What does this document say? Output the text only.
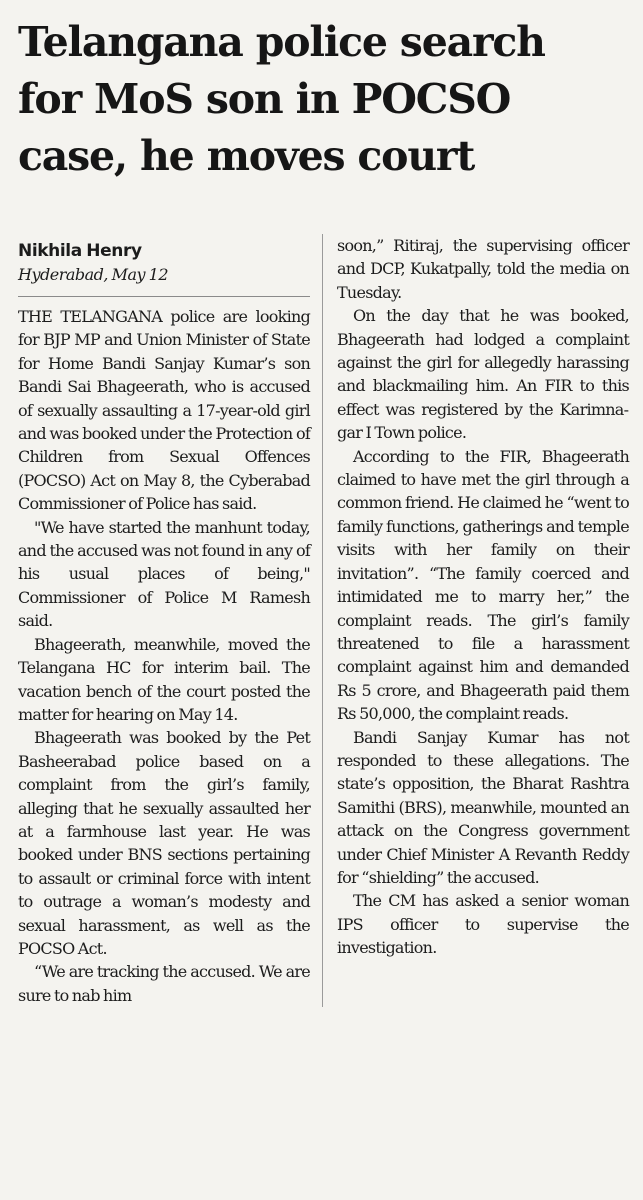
Telangana police search
for MoS son in POCSO
case, he moves court
Nikhila Henry
Hyderabad, May 12

THE TELANGANA police are looking for BJP MP and Union Minister of State for Home Bandi Sanjay Kumar’s son Bandi Sai Bhageerath, who is accused of sexually assaulting a 17-year-old girl and was booked under the Protection of Children from Sexual Offences (POCSO) Act on May 8, the Cyberabad Commissioner of Police has said.

"We have started the manhunt today, and the accused was not found in any of his usual places of being," Commissioner of Police M Ramesh said.

Bhageerath, meanwhile, moved the Telangana HC for interim bail. The vacation bench of the court posted the matter for hearing on May 14.

Bhageerath was booked by the Pet Basheerabad police based on a complaint from the girl’s family, alleging that he sexually assaulted her at a farmhouse last year. He was booked under BNS sections pertaining to assault or criminal force with intent to outrage a woman’s modesty and sexual harassment, as well as the POCSO Act.

“We are tracking the accused. We are sure to nab him

soon,” Ritiraj, the supervising officer and DCP, Kukatpally, told the media on Tuesday.

On the day that he was booked, Bhageerath had lodged a complaint against the girl for allegedly harassing and blackmailing him. An FIR to this effect was registered by the Karimnagar I Town police.

According to the FIR, Bhageerath claimed to have met the girl through a common friend. He claimed he “went to family functions, gatherings and temple visits with her family on their invitation”. “The family coerced and intimidated me to marry her,” the complaint reads. The girl’s family threatened to file a harassment complaint against him and demanded Rs 5 crore, and Bhageerath paid them Rs 50,000, the complaint reads.

Bandi Sanjay Kumar has not responded to these allegations. The state’s opposition, the Bharat Rashtra Samithi (BRS), meanwhile, mounted an attack on the Congress government under Chief Minister A Revanth Reddy for “shielding” the accused.

The CM has asked a senior woman IPS officer to supervise the investigation.
